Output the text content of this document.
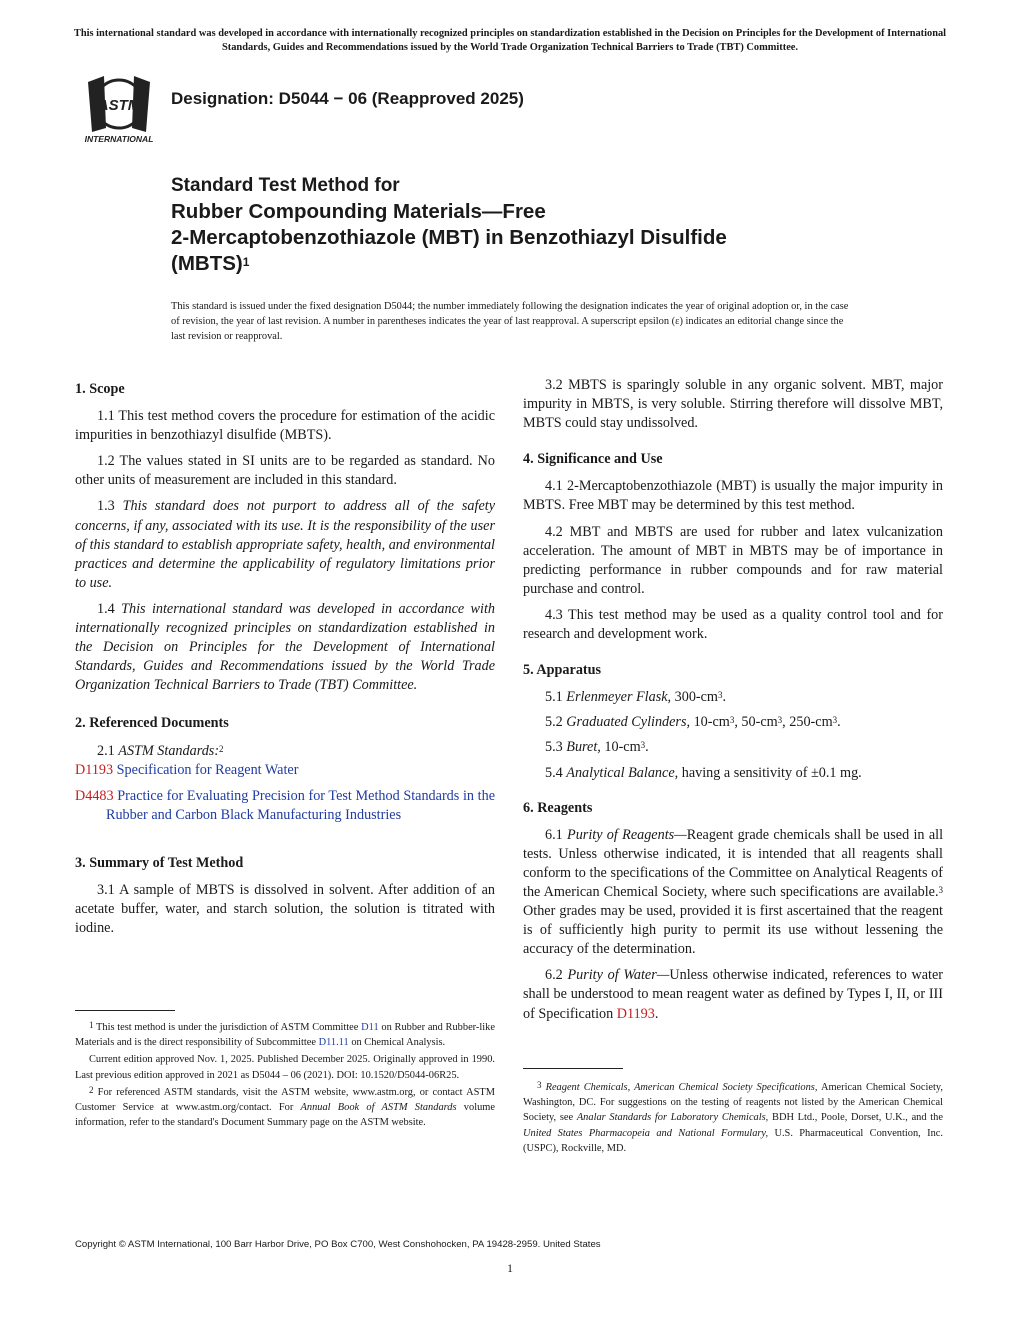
This international standard was developed in accordance with internationally recognized principles on standardization established in the Decision on Principles for the Development of International Standards, Guides and Recommendations issued by the World Trade Organization Technical Barriers to Trade (TBT) Committee.
ASTM
INTERNATIONAL
Designation: D5044 − 06 (Reapproved 2025)
Standard Test Method for
Rubber Compounding Materials—Free
2-Mercaptobenzothiazole (MBT) in Benzothiazyl Disulfide
(MBTS)$^1$
This standard is issued under the fixed designation D5044; the number immediately following the designation indicates the year of original adoption or, in the case of revision, the year of last revision. A number in parentheses indicates the year of last reapproval. A superscript epsilon (ε) indicates an editorial change since the last revision or reapproval.
1. Scope

1.1 This test method covers the procedure for estimation of the acidic impurities in benzothiazyl disulfide (MBTS).

1.2 The values stated in SI units are to be regarded as standard. No other units of measurement are included in this standard.

1.3 This standard does not purport to address all of the safety concerns, if any, associated with its use. It is the responsibility of the user of this standard to establish appropriate safety, health, and environmental practices and determine the applicability of regulatory limitations prior to use.

1.4 This international standard was developed in accordance with internationally recognized principles on standardization established in the Decision on Principles for the Development of International Standards, Guides and Recommendations issued by the World Trade Organization Technical Barriers to Trade (TBT) Committee.

2. Referenced Documents

2.1 ASTM Standards:$^2$

D1193 Specification for Reagent Water

D4483 Practice for Evaluating Precision for Test Method Standards in the Rubber and Carbon Black Manufacturing Industries

3. Summary of Test Method

3.1 A sample of MBTS is dissolved in solvent. After addition of an acetate buffer, water, and starch solution, the solution is titrated with iodine.

3.2 MBTS is sparingly soluble in any organic solvent. MBT, major impurity in MBTS, is very soluble. Stirring therefore will dissolve MBT, MBTS could stay undissolved.

4. Significance and Use

4.1 2-Mercaptobenzothiazole (MBT) is usually the major impurity in MBTS. Free MBT may be determined by this test method.

4.2 MBT and MBTS are used for rubber and latex vulcanization acceleration. The amount of MBT in MBTS may be of importance in predicting performance in rubber compounds and for raw material purchase and control.

4.3 This test method may be used as a quality control tool and for research and development work.

5. Apparatus

5.1 Erlenmeyer Flask, $300-cm^3$.

5.2 Graduated Cylinders, $10-cm^3$, $50-cm^3$, $250-cm^3$.

5.3 Buret, $10-cm^3$.

5.4 Analytical Balance, having a sensitivity of ±0.1 mg.

6. Reagents

6.1 Purity of Reagents—Reagent grade chemicals shall be used in all tests. Unless otherwise indicated, it is intended that all reagents shall conform to the specifications of the Committee on Analytical Reagents of the American Chemical Society, where such specifications are available.$^3$ Other grades may be used, provided it is first ascertained that the reagent is of sufficiently high purity to permit its use without lessening the accuracy of the determination.

6.2 Purity of Water—Unless otherwise indicated, references to water shall be understood to mean reagent water as defined by Types I, II, or III of Specification D1193.

$^1$ This test method is under the jurisdiction of ASTM Committee D11 on Rubber and Rubber-like Materials and is the direct responsibility of Subcommittee D11.11 on Chemical Analysis.

Current edition approved Nov. 1, 2025. Published December 2025. Originally approved in 1990. Last previous edition approved in 2021 as D5044 – 06 (2021). DOI: 10.1520/D5044-06R25.

$^2$ For referenced ASTM standards, visit the ASTM website, www.astm.org, or contact ASTM Customer Service at www.astm.org/contact. For Annual Book of ASTM Standards volume information, refer to the standard's Document Summary page on the ASTM website.

$^3$ Reagent Chemicals, American Chemical Society Specifications, American Chemical Society, Washington, DC. For suggestions on the testing of reagents not listed by the American Chemical Society, see Analar Standards for Laboratory Chemicals, BDH Ltd., Poole, Dorset, U.K., and the United States Pharmacopeia and National Formulary, U.S. Pharmaceutical Convention, Inc. (USPC), Rockville, MD.

Copyright © ASTM International, 100 Barr Harbor Drive, PO Box C700, West Conshohocken, PA 19428-2959. United States
1
